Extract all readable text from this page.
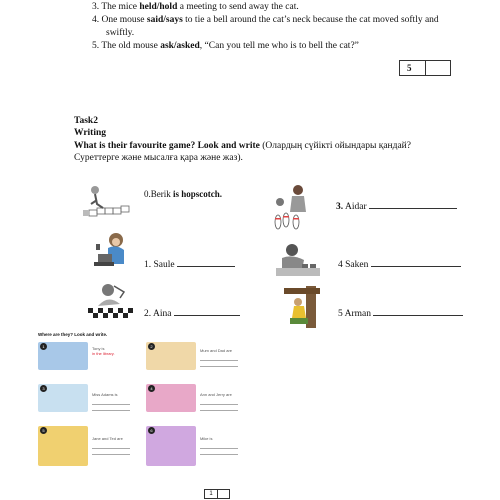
3. The mice held/hold a meeting to send away the cat.
4. One mouse said/says to tie a bell around the cat’s neck because the cat moved softly and
swiftly.
5. The old mouse ask/asked, “Can you tell me who is to bell the cat?”
5
Task2
Writing
What is their favourite game? Look and write (Олардың сүйікті ойындары қандай?
Суреттерге және мысалға қара және жаз).
0.Berik is hopscotch.
1. Saule
2. Aina
3. Aidar
4 Saken
5 Arman
Where are they? Look and write.
1	Tony is
in the library.
2
Mum and Dad are
3
Miss Adams is
4
Ann and Jerry are
5
Jane and Ted are
6
Mike is
1
